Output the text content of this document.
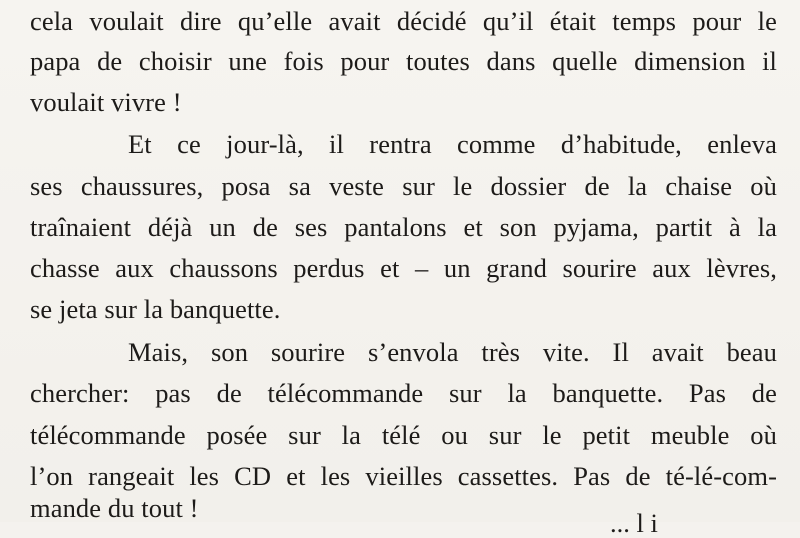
cela voulait dire qu’elle avait décidé qu’il était temps pour le

papa de choisir une fois pour toutes dans quelle dimension il

voulait vivre !

Et ce jour-là, il rentra comme d’habitude, enleva

ses chaussures, posa sa veste sur le dossier de la chaise où

traînaient déjà un de ses pantalons et son pyjama, partit à la

chasse aux chaussons perdus et – un grand sourire aux lèvres,

se jeta sur la banquette.

Mais, son sourire s’envola très vite. Il avait beau

chercher: pas de télécommande sur la banquette. Pas de

télécommande posée sur la télé ou sur le petit meuble où

l’on rangeait les CD et les vieilles cassettes. Pas de té-lé-com-

mande du tout !	... l i
